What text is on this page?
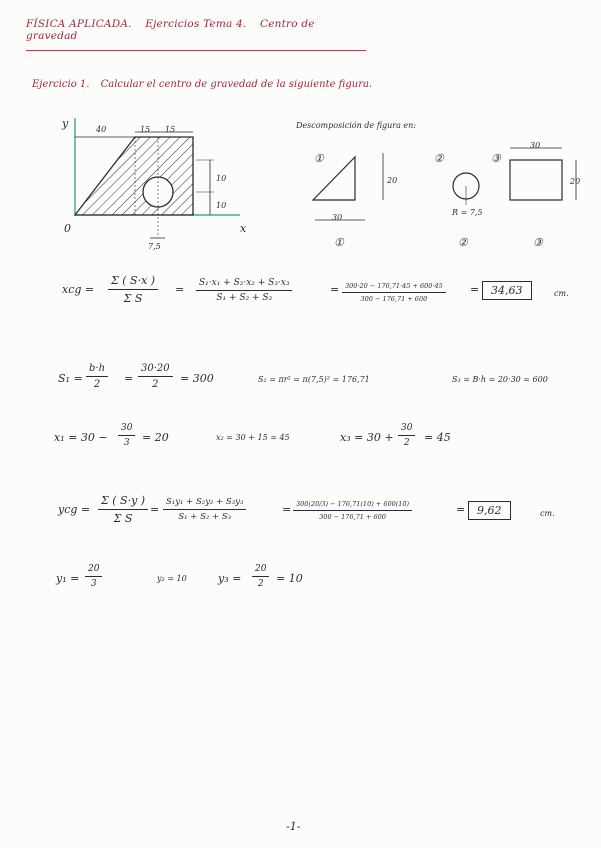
FÍSICA APLICADA. Ejercicios Tema 4. Centro de gravedad
Ejercicio 1. Calcular el centro de gravedad de la siguiente figura.
y
x
0
40	15 15
10
10
7,5
Descomposición de figura en:
①	②	③
20
30
R = 7,5
30
20
①	②	③
xcg = $\frac{\Sigma ( S\cdot x )}{\text{Σ S}} = \frac{\text{S₁·x₁ + S₂·x₂ + S₃·x₃}}{\text{S₁ + S₂ + S₃}}$	= $\frac{300\cdot 20 - 176,71\cdot 45 + 600\cdot 45}{300 - 176,71 + 600}$ =	34,63	cm.
$S_1 = \frac{b\cdot h}{2} = \frac{30\cdot 20}{2} = 300$	S₂ = πr² = π(7,5)² = 176,71	S₃ = B·h = 20·30 = 600
$x_1 = 30 - \frac{30}{3} = 20$	x₂ = 30 + 15 = 45	$x_3 = 30 + \frac{30}{2} = 45$
ycg = $\frac{\Sigma ( S\cdot y )}{\text{Σ S}} = \frac{\text{S₁y₁ + S₂y₂ + S₃y₃}}{\text{S₁ + S₂ + S₃}}$	= $\frac{300(20/3) - 176,71(10) + 600(10)}{300 - 176,71 + 600}$	=	9,62	cm.
$y_1 = \frac{20}{3}$	y₂ = 10	$y_3 = \frac{20}{2} = 10$
-1-
